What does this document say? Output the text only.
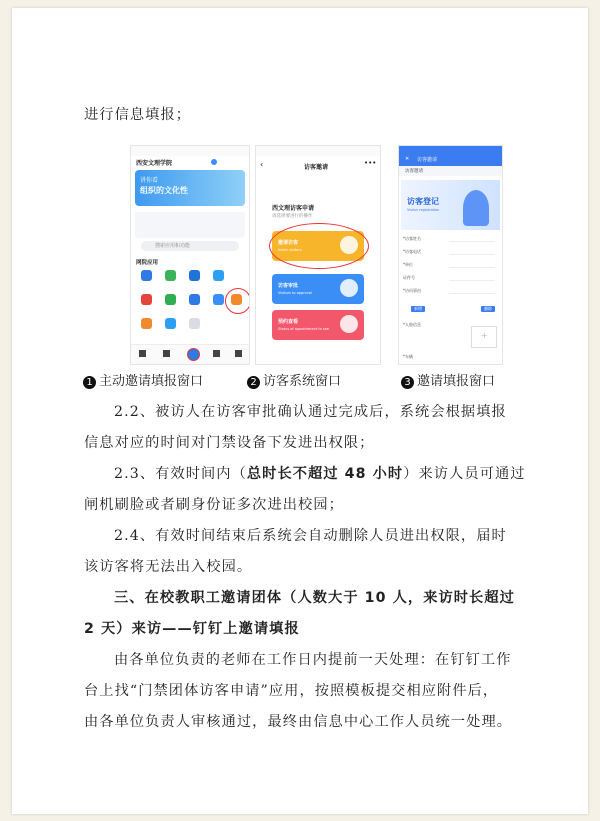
进行信息填报；
西安文理学院
讲你看
组织的文化性
搜索应用和功能
网院应用
‹	访客邀请
•••
西文理访客申请
请选择要进行的操作
邀请访客
Invite visitors
访客审批
Visitors to approval
预约查看
Status of appointment to see
✕ 访客邀请
访客邀请
访客登记
Visitor registration
*访客姓名
*访客电话
*单位
证件号
*访问事由
新增	删除
*人脸信息
+
*车辆
1 主动邀请填报窗口	2 访客系统窗口	3 邀请填报窗口
2.2、被访人在访客审批确认通过完成后，系统会根据填报
信息对应的时间对门禁设备下发进出权限；
2.3、有效时间内（总时长不超过 48 小时）来访人员可通过
闸机刷脸或者刷身份证多次进出校园；
2.4、有效时间结束后系统会自动删除人员进出权限，届时
该访客将无法出入校园。
三、在校教职工邀请团体（人数大于 10 人，来访时长超过
2 天）来访——钉钉上邀请填报
由各单位负责的老师在工作日内提前一天处理：在钉钉工作
台上找“门禁团体访客申请”应用，按照模板提交相应附件后，
由各单位负责人审核通过，最终由信息中心工作人员统一处理。
